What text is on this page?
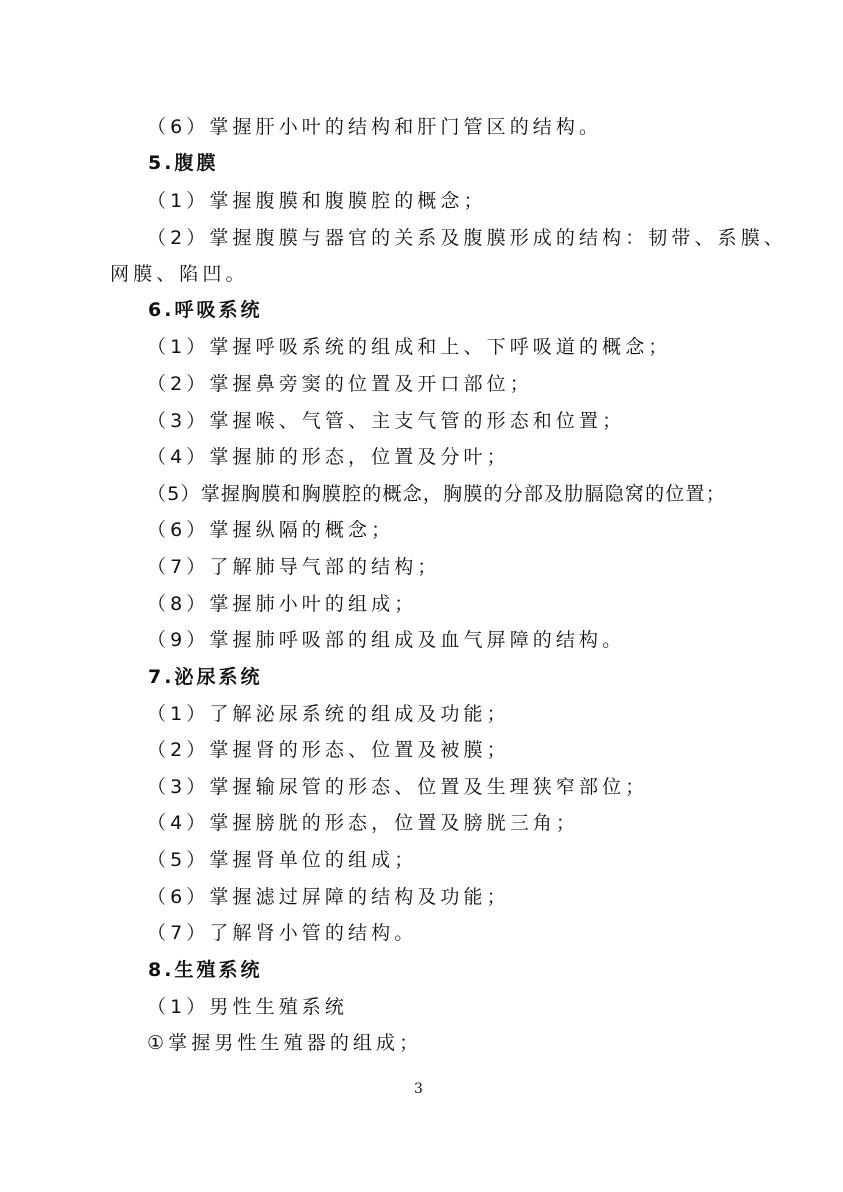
（6）掌握肝小叶的结构和肝门管区的结构。
5.腹膜
（1）掌握腹膜和腹膜腔的概念；
（2）掌握腹膜与器官的关系及腹膜形成的结构：韧带、系膜、
网膜、陷凹。
6.呼吸系统
（1）掌握呼吸系统的组成和上、下呼吸道的概念；
（2）掌握鼻旁窦的位置及开口部位；
（3）掌握喉、气管、主支气管的形态和位置；
（4）掌握肺的形态，位置及分叶；
（5）掌握胸膜和胸膜腔的概念，胸膜的分部及肋膈隐窝的位置；
（6）掌握纵隔的概念；
（7）了解肺导气部的结构；
（8）掌握肺小叶的组成；
（9）掌握肺呼吸部的组成及血气屏障的结构。
7.泌尿系统
（1）了解泌尿系统的组成及功能；
（2）掌握肾的形态、位置及被膜；
（3）掌握输尿管的形态、位置及生理狭窄部位；
（4）掌握膀胱的形态，位置及膀胱三角；
（5）掌握肾单位的组成；
（6）掌握滤过屏障的结构及功能；
（7）了解肾小管的结构。
8.生殖系统
（1）男性生殖系统
①掌握男性生殖器的组成；
3
